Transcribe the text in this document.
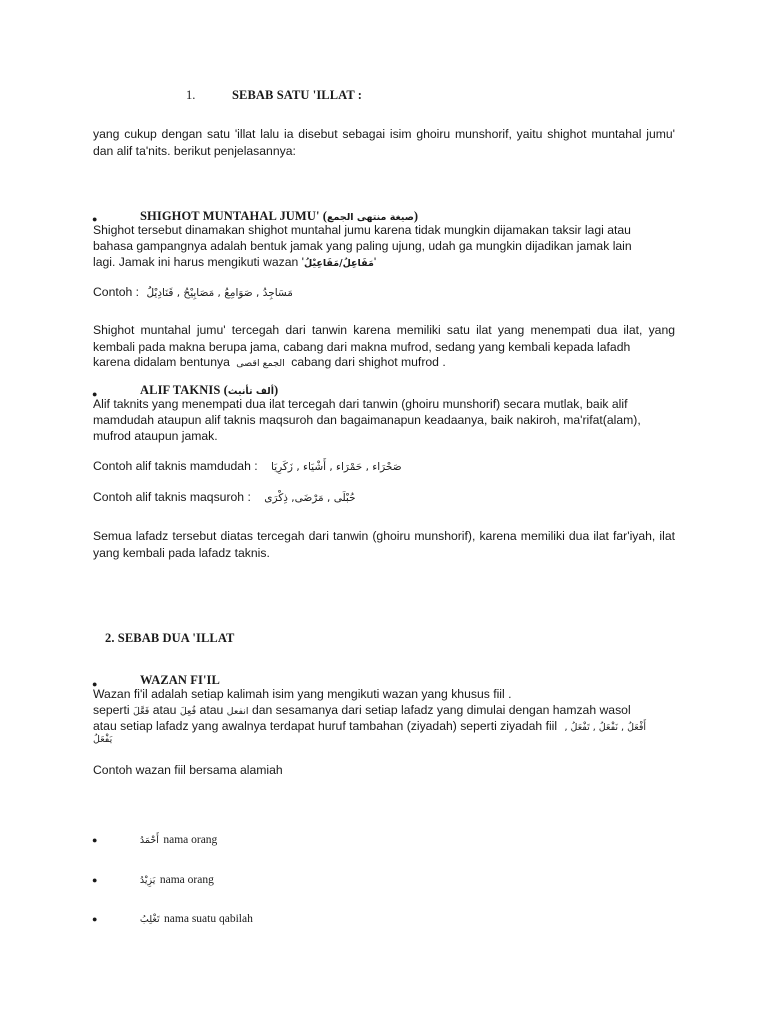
1.	SEBAB SATU 'ILLAT :
yang cukup dengan satu 'illat lalu ia disebut sebagai isim ghoiru munshorif, yaitu shighot muntahal jumu' dan alif ta'nits. berikut penjelasannya:
●	SHIGHOT MUNTAHAL JUMU' (صيغة منتهى الجمع)
Shighot tersebut dinamakan shighot muntahal jumu karena tidak mungkin dijamakan taksir lagi atau
bahasa gampangnya adalah bentuk jamak yang paling ujung, udah ga mungkin dijadikan jamak lain
lagi. Jamak ini harus mengikuti wazan 'مَفَاعِلُ/مَفَاعِيْلُ'
Contoh : مَسَاجِدُ , صَوَامِعُ , مَصَابِيْحُ , قَنَادِيْلُ
Shighot muntahal jumu' tercegah dari tanwin karena memiliki satu ilat yang menempati dua ilat, yang kembali pada makna berupa jama, cabang dari makna mufrod, sedang yang kembali kepada lafadh
karena didalam bentunya الجمع اقصى cabang dari shighot mufrod .
●	ALIF TAKNIS (ألف تأنيث)
Alif taknits yang menempati dua ilat tercegah dari tanwin (ghoiru munshorif) secara mutlak, baik alif
mamdudah ataupun alif taknis maqsuroh dan bagaimanapun keadaanya, baik nakiroh, ma'rifat(alam),
mufrod ataupun jamak.
Contoh alif taknis mamdudah : صَحْرَاء , حَمْرَاء , أَشْيَاء , زَكَرِيَا
Contoh alif taknis maqsuroh : حُبْلَى , مَرْضَى, ذِكْرَى
Semua lafadz tersebut diatas tercegah dari tanwin (ghoiru munshorif), karena memiliki dua ilat far'iyah, ilat yang kembali pada lafadz taknis.
2. SEBAB DUA 'ILLAT
●	WAZAN FI'IL
Wazan fi'il adalah setiap kalimah isim yang mengikuti wazan yang khusus fiil .
seperti فَعَّلَ atau فُعِلَ atau انفعل dan sesamanya dari setiap lafadz yang dimulai dengan hamzah wasol
atau setiap lafadz yang awalnya terdapat huruf tambahan (ziyadah) seperti ziyadah fiil أَفْعَلُ , نَفْعَلُ , تَفْعَلُ ,
يَفْعَلُ
Contoh wazan fiil bersama alamiah
●	أَحْمَدُ nama orang
●	يَزِيْدُ nama orang
●	تَغْلِبُ nama suatu qabilah
